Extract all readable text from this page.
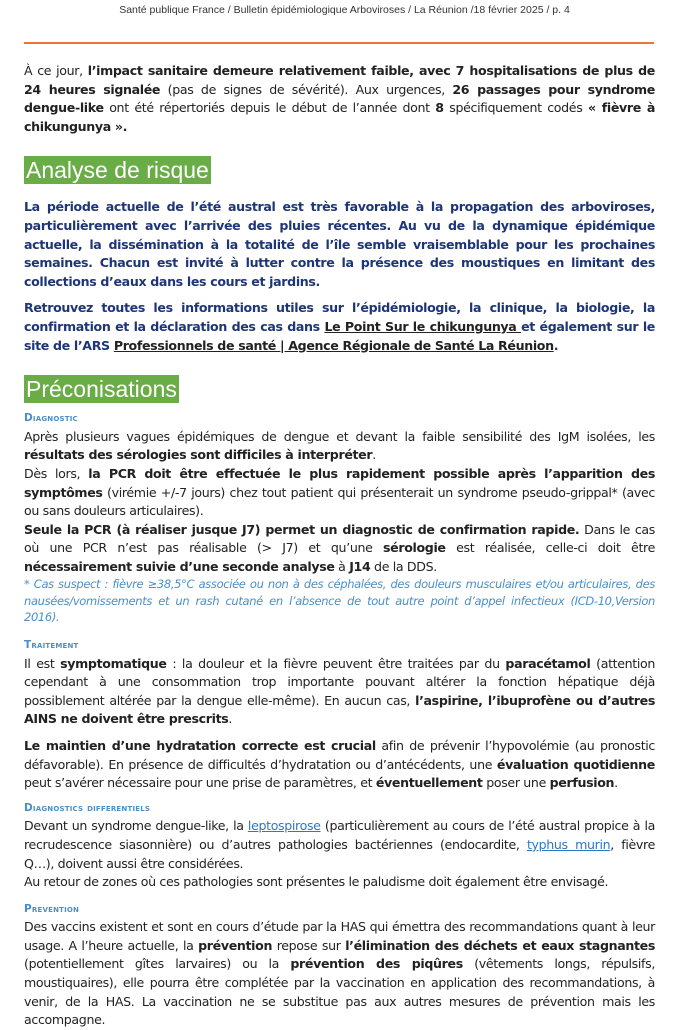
Santé publique France / Bulletin épidémiologique Arboviroses / La Réunion /18 février 2025 / p. 4

À ce jour, l’impact sanitaire demeure relativement faible, avec 7 hospitalisations de plus de 24 heures signalée (pas de signes de sévérité). Aux urgences, 26 passages pour syndrome dengue-like ont été répertoriés depuis le début de l’année dont 8 spécifiquement codés « fièvre à chikungunya ».

Analyse de risque

La période actuelle de l’été austral est très favorable à la propagation des arboviroses, particulièrement avec l’arrivée des pluies récentes. Au vu de la dynamique épidémique actuelle, la dissémination à la totalité de l’île semble vraisemblable pour les prochaines semaines. Chacun est invité à lutter contre la présence des moustiques en limitant des collections d’eaux dans les cours et jardins.

Retrouvez toutes les informations utiles sur l’épidémiologie, la clinique, la biologie, la confirmation et la déclaration des cas dans Le Point Sur le chikungunya et également sur le site de l’ARS Professionnels de santé | Agence Régionale de Santé La Réunion.

Préconisations
Diagnostic

Après plusieurs vagues épidémiques de dengue et devant la faible sensibilité des IgM isolées, les résultats des sérologies sont difficiles à interpréter.

Dès lors, la PCR doit être effectuée le plus rapidement possible après l’apparition des symptômes (virémie +/-7 jours) chez tout patient qui présenterait un syndrome pseudo-grippal* (avec ou sans douleurs articulaires).

Seule la PCR (à réaliser jusque J7) permet un diagnostic de confirmation rapide. Dans le cas où une PCR n’est pas réalisable (> J7) et qu’une sérologie est réalisée, celle-ci doit être nécessairement suivie d’une seconde analyse à J14 de la DDS.

* Cas suspect : fièvre ≥38,5°C associée ou non à des céphalées, des douleurs musculaires et/ou articulaires, des nausées/vomissements et un rash cutané en l’absence de tout autre point d’appel infectieux (ICD-10,Version 2016).

Traitement

Il est symptomatique : la douleur et la fièvre peuvent être traitées par du paracétamol (attention cependant à une consommation trop importante pouvant altérer la fonction hépatique déjà possiblement altérée par la dengue elle-même). En aucun cas, l’aspirine, l’ibuprofène ou d’autres AINS ne doivent être prescrits.

Le maintien d’une hydratation correcte est crucial afin de prévenir l’hypovolémie (au pronostic défavorable). En présence de difficultés d’hydratation ou d’antécédents, une évaluation quotidienne peut s’avérer nécessaire pour une prise de paramètres, et éventuellement poser une perfusion.

Diagnostics differentiels

Devant un syndrome dengue-like, la leptospirose (particulièrement au cours de l’été austral propice à la recrudescence siasonnière) ou d’autres pathologies bactériennes (endocardite, typhus murin, fièvre Q…), doivent aussi être considérées.

Au retour de zones où ces pathologies sont présentes le paludisme doit également être envisagé.

Prevention

Des vaccins existent et sont en cours d’étude par la HAS qui émettra des recommandations quant à leur usage. A l’heure actuelle, la prévention repose sur l’élimination des déchets et eaux stagnantes (potentiellement gîtes larvaires) ou la prévention des piqûres (vêtements longs, répulsifs, moustiquaires), elle pourra être complétée par la vaccination en application des recommandations, à venir, de la HAS. La vaccination ne se substitue pas aux autres mesures de prévention mais les accompagne.
